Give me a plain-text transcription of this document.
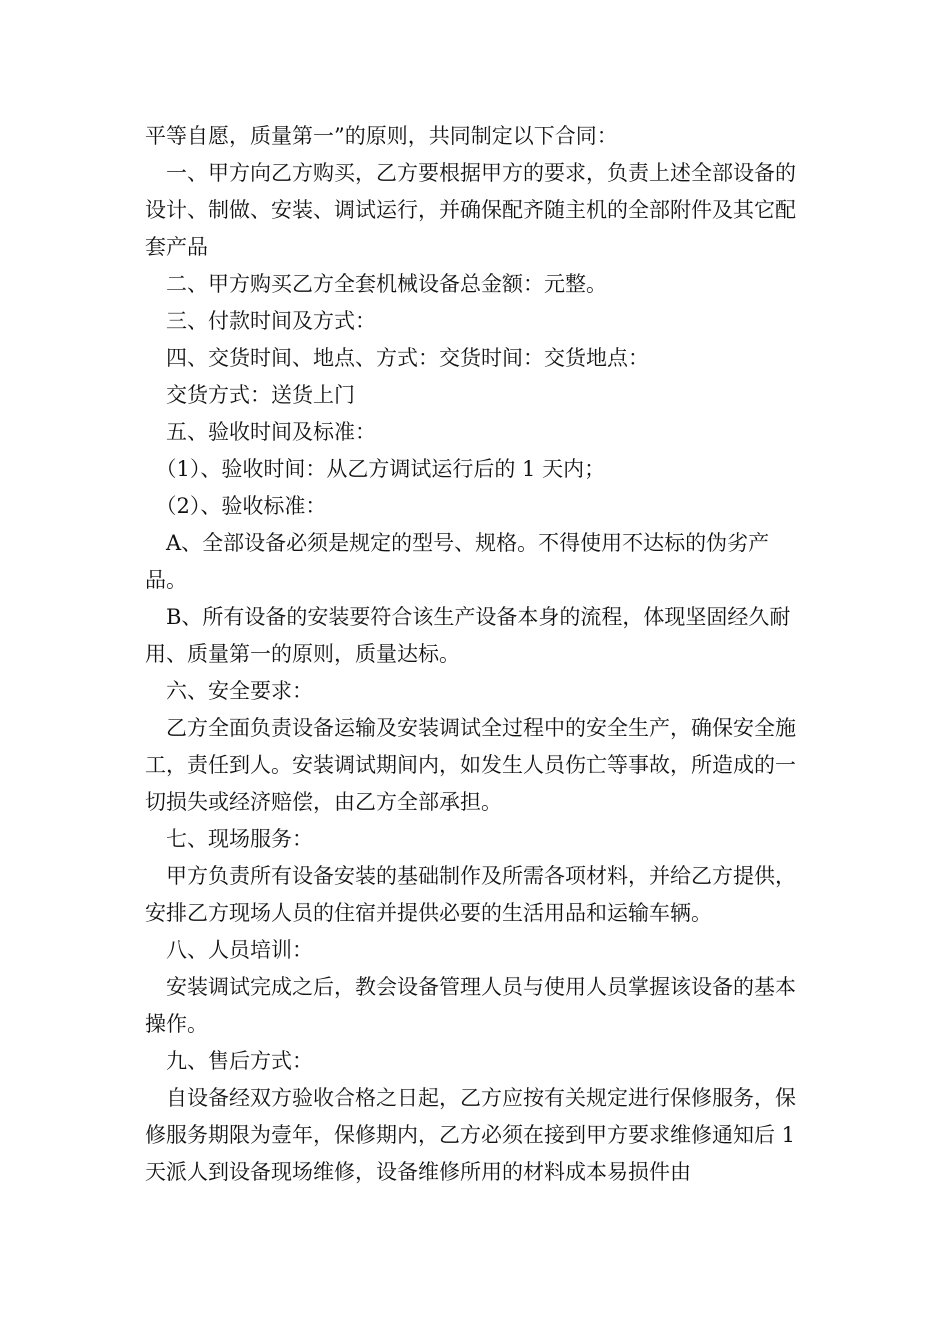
平等自愿，质量第一”的原则，共同制定以下合同：

　一、甲方向乙方购买，乙方要根据甲方的要求，负责上述全部设备的设计、制做、安装、调试运行，并确保配齐随主机的全部附件及其它配套产品

　二、甲方购买乙方全套机械设备总金额：元整。

　三、付款时间及方式：

　四、交货时间、地点、方式：交货时间：交货地点：

　交货方式：送货上门

　五、验收时间及标准：

　（1）、验收时间：从乙方调试运行后的 1 天内；

　（2）、验收标准：

　A、全部设备必须是规定的型号、规格。不得使用不达标的伪劣产品。

　B、所有设备的安装要符合该生产设备本身的流程，体现坚固经久耐用、质量第一的原则，质量达标。

　六、安全要求：

　乙方全面负责设备运输及安装调试全过程中的安全生产，确保安全施工，责任到人。安装调试期间内，如发生人员伤亡等事故，所造成的一切损失或经济赔偿，由乙方全部承担。

　七、现场服务：

　甲方负责所有设备安装的基础制作及所需各项材料，并给乙方提供，安排乙方现场人员的住宿并提供必要的生活用品和运输车辆。

　八、人员培训：

　安装调试完成之后，教会设备管理人员与使用人员掌握该设备的基本操作。

　九、售后方式：

　自设备经双方验收合格之日起，乙方应按有关规定进行保修服务，保修服务期限为壹年，保修期内，乙方必须在接到甲方要求维修通知后 1 天派人到设备现场维修，设备维修所用的材料成本易损件由
